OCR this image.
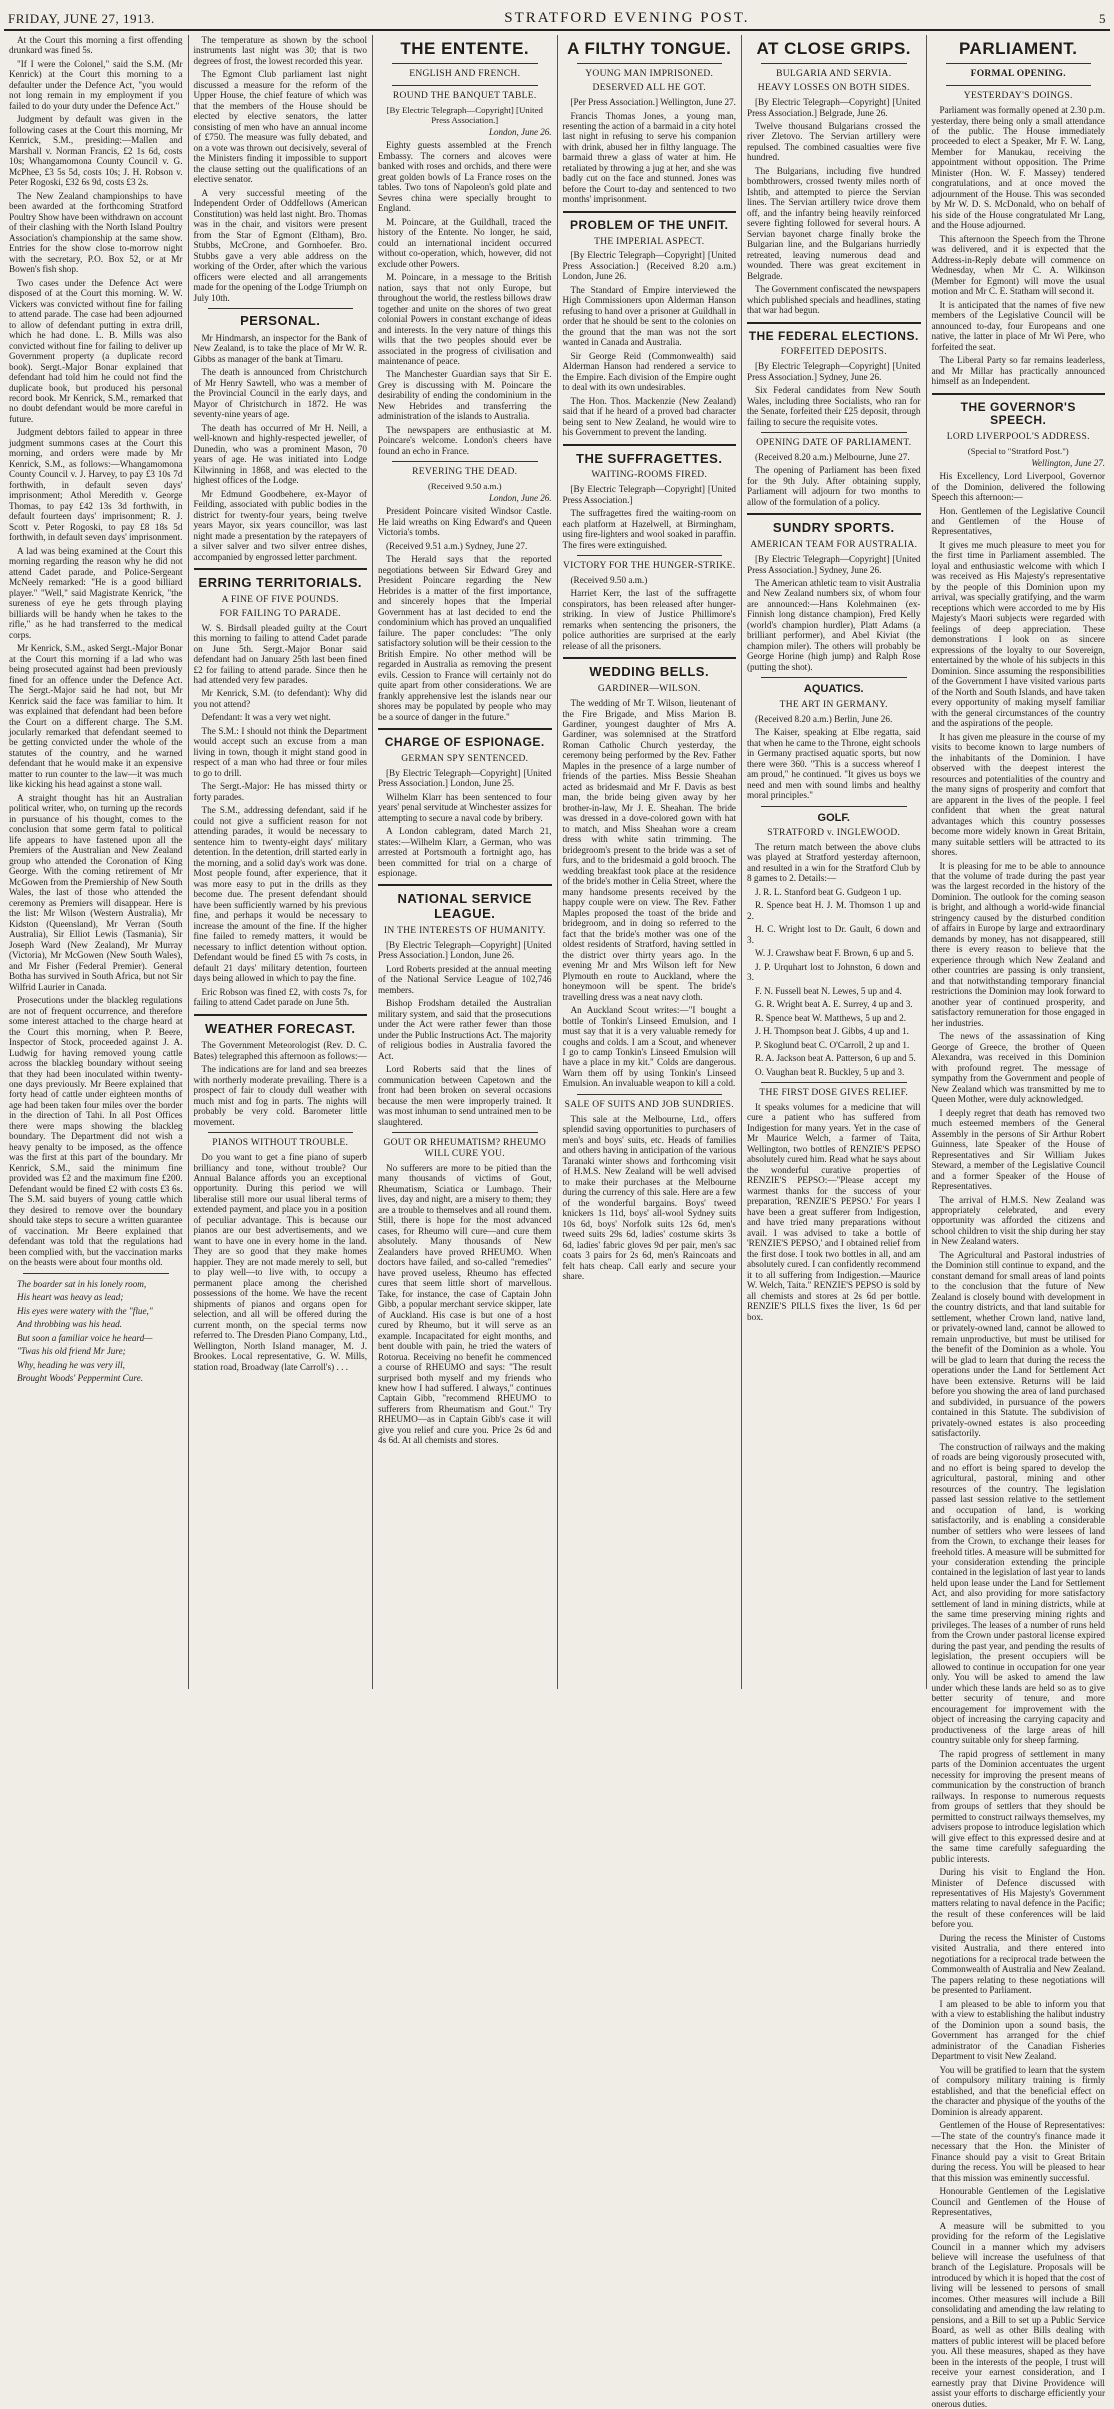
FRIDAY, JUNE 27, 1913.	STRATFORD EVENING POST.	5

At the Court this morning a first offending drunkard was fined 5s.

"If I were the Colonel," said the S.M. (Mr Kenrick) at the Court this morning to a defaulter under the Defence Act, "you would not long remain in my employment if you failed to do your duty under the Defence Act."

Judgment by default was given in the following cases at the Court this morning, Mr Kenrick, S.M., presiding:—Mallen and Marshall v. Norman Francis, £2 1s 6d, costs 10s; Whangamomona County Council v. G. McPhee, £3 5s 5d, costs 10s; J. H. Robson v. Peter Rogoski, £32 6s 9d, costs £3 2s.

The New Zealand championships to have been awarded at the forthcoming Stratford Poultry Show have been withdrawn on account of their clashing with the North Island Poultry Association's championship at the same show. Entries for the show close to-morrow night with the secretary, P.O. Box 52, or at Mr Bowen's fish shop.

Two cases under the Defence Act were disposed of at the Court this morning. W. W. Vickers was convicted without fine for failing to attend parade. The case had been adjourned to allow of defendant putting in extra drill, which he had done. L. B. Mills was also convicted without fine for failing to deliver up Government property (a duplicate record book). Sergt.-Major Bonar explained that defendant had told him he could not find the duplicate book, but produced his personal record book. Mr Kenrick, S.M., remarked that no doubt defendant would be more careful in future.

Judgment debtors failed to appear in three judgment summons cases at the Court this morning, and orders were made by Mr Kenrick, S.M., as follows:—Whangamomona County Council v. J. Harvey, to pay £3 10s 7d forthwith, in default seven days' imprisonment; Athol Meredith v. George Thomas, to pay £42 13s 3d forthwith, in default fourteen days' imprisonment; R. J. Scott v. Peter Rogoski, to pay £8 18s 5d forthwith, in default seven days' imprisonment.

A lad was being examined at the Court this morning regarding the reason why he did not attend Cadet parade, and Police-Sergeant McNeely remarked: "He is a good billiard player." "Well," said Magistrate Kenrick, "the sureness of eye he gets through playing billiards will be handy when he takes to the rifle," as he had transferred to the medical corps.

Mr Kenrick, S.M., asked Sergt.-Major Bonar at the Court this morning if a lad who was being prosecuted against had been previously fined for an offence under the Defence Act. The Sergt.-Major said he had not, but Mr Kenrick said the face was familiar to him. It was explained that defendant had been before the Court on a different charge. The S.M. jocularly remarked that defendant seemed to be getting convicted under the whole of the statutes of the country, and he warned defendant that he would make it an expensive matter to run counter to the law—it was much like kicking his head against a stone wall.

A straight thought has hit an Australian political writer, who, on turning up the records in pursuance of his thought, comes to the conclusion that some germ fatal to political life appears to have fastened upon all the Premiers of the Australian and New Zealand group who attended the Coronation of King George. With the coming retirement of Mr McGowen from the Premiership of New South Wales, the last of those who attended the ceremony as Premiers will disappear. Here is the list: Mr Wilson (Western Australia), Mr Kidston (Queensland), Mr Verran (South Australia), Sir Elliot Lewis (Tasmania), Sir Joseph Ward (New Zealand), Mr Murray (Victoria), Mr McGowen (New South Wales), and Mr Fisher (Federal Premier). General Botha has survived in South Africa, but not Sir Wilfrid Laurier in Canada.

Prosecutions under the blackleg regulations are not of frequent occurrence, and therefore some interest attached to the charge heard at the Court this morning, when P. Beere, Inspector of Stock, proceeded against J. A. Ludwig for having removed young cattle across the blackleg boundary without seeing that they had been inoculated within twenty-one days previously. Mr Beere explained that forty head of cattle under eighteen months of age had been taken four miles over the border in the direction of Tahi. In all Post Offices there were maps showing the blackleg boundary. The Department did not wish a heavy penalty to be imposed, as the offence was the first at this part of the boundary. Mr Kenrick, S.M., said the minimum fine provided was £2 and the maximum fine £200. Defendant would be fined £2 with costs £3 6s. The S.M. said buyers of young cattle which they desired to remove over the boundary should take steps to secure a written guarantee of vaccination. Mr Beere explained that defendant was told that the regulations had been complied with, but the vaccination marks on the beasts were about four months old.

The boarder sat in his lonely room,

His heart was heavy as lead;

His eyes were watery with the "flue,"

And throbbing was his head.

But soon a familiar voice he heard—

"Twas his old friend Mr Jure;

Why, heading he was very ill,

Brought Woods' Peppermint Cure.

The temperature as shown by the school instruments last night was 30; that is two degrees of frost, the lowest recorded this year.

The Egmont Club parliament last night discussed a measure for the reform of the Upper House, the chief feature of which was that the members of the House should be elected by elective senators, the latter consisting of men who have an annual income of £750. The measure was fully debated, and on a vote was thrown out decisively, several of the Ministers finding it impossible to support the clause setting out the qualifications of an elective senator.

A very successful meeting of the Independent Order of Oddfellows (American Constitution) was held last night. Bro. Thomas was in the chair, and visitors were present from the Star of Egmont (Eltham), Bro. Stubbs, McCrone, and Gornhoefer. Bro. Stubbs gave a very able address on the working of the Order, after which the various officers were elected and all arrangements made for the opening of the Lodge Triumph on July 10th.

PERSONAL.

Mr Hindmarsh, an inspector for the Bank of New Zealand, is to take the place of Mr W. R. Gibbs as manager of the bank at Timaru.

The death is announced from Christchurch of Mr Henry Sawtell, who was a member of the Provincial Council in the early days, and Mayor of Christchurch in 1872. He was seventy-nine years of age.

The death has occurred of Mr H. Neill, a well-known and highly-respected jeweller, of Dunedin, who was a prominent Mason, 70 years of age. He was initiated into Lodge Kilwinning in 1868, and was elected to the highest offices of the Lodge.

Mr Edmund Goodbehere, ex-Mayor of Feilding, associated with public bodies in the district for twenty-four years, being twelve years Mayor, six years councillor, was last night made a presentation by the ratepayers of a silver salver and two silver entree dishes, accompanied by engrossed letter parchment.

ERRING TERRITORIALS.
A FINE OF FIVE POUNDS.
FOR FAILING TO PARADE.

W. S. Birdsall pleaded guilty at the Court this morning to failing to attend Cadet parade on June 5th. Sergt.-Major Bonar said defendant had on January 25th last been fined £2 for failing to attend parade. Since then he had attended very few parades.

Mr Kenrick, S.M. (to defendant): Why did you not attend?

Defendant: It was a very wet night.

The S.M.: I should not think the Department would accept such an excuse from a man living in town, though it might stand good in respect of a man who had three or four miles to go to drill.

The Sergt.-Major: He has missed thirty or forty parades.

The S.M., addressing defendant, said if he could not give a sufficient reason for not attending parades, it would be necessary to sentence him to twenty-eight days' military detention. In the detention, drill started early in the morning, and a solid day's work was done. Most people found, after experience, that it was more easy to put in the drills as they become due. The present defendant should have been sufficiently warned by his previous fine, and perhaps it would be necessary to increase the amount of the fine. If the higher fine failed to remedy matters, it would be necessary to inflict detention without option. Defendant would be fined £5 with 7s costs, in default 21 days' military detention, fourteen days being allowed in which to pay the fine.

Eric Robson was fined £2, with costs 7s, for failing to attend Cadet parade on June 5th.

WEATHER FORECAST.

The Government Meteorologist (Rev. D. C. Bates) telegraphed this afternoon as follows:—

The indications are for land and sea breezes with northerly moderate prevailing. There is a prospect of fair to cloudy dull weather with much mist and fog in parts. The nights will probably be very cold. Barometer little movement.

PIANOS WITHOUT TROUBLE.

Do you want to get a fine piano of superb brilliancy and tone, without trouble? Our Annual Balance affords you an exceptional opportunity. During this period we will liberalise still more our usual liberal terms of extended payment, and place you in a position of peculiar advantage. This is because our pianos are our best advertisements, and we want to have one in every home in the land. They are so good that they make homes happier. They are not made merely to sell, but to play well—to live with, to occupy a permanent place among the cherished possessions of the home. We have the recent shipments of pianos and organs open for selection, and all will be offered during the current month, on the special terms now referred to. The Dresden Piano Company, Ltd., Wellington, North Island manager, M. J. Brookes. Local representative, G. W. Mills, station road, Broadway (late Carroll's) . . .

THE ENTENTE.
ENGLISH AND FRENCH.
ROUND THE BANQUET TABLE.
[By Electric Telegraph—Copyright] [United Press Association.]
London, June 26.

Eighty guests assembled at the French Embassy. The corners and alcoves were banked with roses and orchids, and there were great golden bowls of La France roses on the tables. Two tons of Napoleon's gold plate and Sevres china were specially brought to England.

M. Poincare, at the Guildhall, traced the history of the Entente. No longer, he said, could an international incident occurred without co-operation, which, however, did not exclude other Powers.

M. Poincare, in a message to the British nation, says that not only Europe, but throughout the world, the restless billows draw together and unite on the shores of two great colonial Powers in constant exchange of ideas and interests. In the very nature of things this wills that the two peoples should ever be associated in the progress of civilisation and maintenance of peace.

The Manchester Guardian says that Sir E. Grey is discussing with M. Poincare the desirability of ending the condominium in the New Hebrides and transferring the administration of the islands to Australia.

The newspapers are enthusiastic at M. Poincare's welcome. London's cheers have found an echo in France.

REVERING THE DEAD.
(Received 9.50 a.m.)
London, June 26.

President Poincare visited Windsor Castle. He laid wreaths on King Edward's and Queen Victoria's tombs.

(Received 9.51 a.m.) Sydney, June 27.

The Herald says that the reported negotiations between Sir Edward Grey and President Poincare regarding the New Hebrides is a matter of the first importance, and sincerely hopes that the Imperial Government has at last decided to end the condominium which has proved an unqualified failure. The paper concludes: "The only satisfactory solution will be their cession to the British Empire. No other method will be regarded in Australia as removing the present evils. Cession to France will certainly not do quite apart from other considerations. We are frankly apprehensive lest the islands near our shores may be populated by people who may be a source of danger in the future."

CHARGE OF ESPIONAGE.
GERMAN SPY SENTENCED.

[By Electric Telegraph—Copyright] [United Press Association.] London, June 25.

Wilhelm Klarr has been sentenced to four years' penal servitude at Winchester assizes for attempting to secure a naval code by bribery.

A London cablegram, dated March 21, states:—Wilhelm Klarr, a German, who was arrested at Portsmouth a fortnight ago, has been committed for trial on a charge of espionage.

NATIONAL SERVICE LEAGUE.
IN THE INTERESTS OF HUMANITY.

[By Electric Telegraph—Copyright] [United Press Association.] London, June 26.

Lord Roberts presided at the annual meeting of the National Service League of 102,746 members.

Bishop Frodsham detailed the Australian military system, and said that the prosecutions under the Act were rather fewer than those under the Public Instructions Act. The majority of religious bodies in Australia favored the Act.

Lord Roberts said that the lines of communication between Capetown and the front had been broken on several occasions because the men were improperly trained. It was most inhuman to send untrained men to be slaughtered.

GOUT OR RHEUMATISM? RHEUMO WILL CURE YOU.

No sufferers are more to be pitied than the many thousands of victims of Gout, Rheumatism, Sciatica or Lumbago. Their lives, day and night, are a misery to them; they are a trouble to themselves and all round them. Still, there is hope for the most advanced cases, for Rheumo will cure—and cure them absolutely. Many thousands of New Zealanders have proved RHEUMO. When doctors have failed, and so-called "remedies" have proved useless, Rheumo has effected cures that seem little short of marvellous. Take, for instance, the case of Captain John Gibb, a popular merchant service skipper, late of Auckland. His case is but one of a host cured by Rheumo, but it will serve as an example. Incapacitated for eight months, and bent double with pain, he tried the waters of Rotorua. Receiving no benefit he commenced a course of RHEUMO and says: "The result surprised both myself and my friends who knew how I had suffered. I always," continues Captain Gibb, "recommend RHEUMO to sufferers from Rheumatism and Gout." Try RHEUMO—as in Captain Gibb's case it will give you relief and cure you. Price 2s 6d and 4s 6d. At all chemists and stores.

A FILTHY TONGUE.
YOUNG MAN IMPRISONED.
DESERVED ALL HE GOT.

[Per Press Association.] Wellington, June 27.

Francis Thomas Jones, a young man, resenting the action of a barmaid in a city hotel last night in refusing to serve his companion with drink, abused her in filthy language. The barmaid threw a glass of water at him. He retaliated by throwing a jug at her, and she was badly cut on the face and stunned. Jones was before the Court to-day and sentenced to two months' imprisonment.

PROBLEM OF THE UNFIT.
THE IMPERIAL ASPECT.

[By Electric Telegraph—Copyright] [United Press Association.] (Received 8.20 a.m.) London, June 26.

The Standard of Empire interviewed the High Commissioners upon Alderman Hanson refusing to hand over a prisoner at Guildhall in order that he should be sent to the colonies on the ground that the man was not the sort wanted in Canada and Australia.

Sir George Reid (Commonwealth) said Alderman Hanson had rendered a service to the Empire. Each division of the Empire ought to deal with its own undesirables.

The Hon. Thos. Mackenzie (New Zealand) said that if he heard of a proved bad character being sent to New Zealand, he would wire to his Government to prevent the landing.

THE SUFFRAGETTES.
WAITING-ROOMS FIRED.

[By Electric Telegraph—Copyright] [United Press Association.]

The suffragettes fired the waiting-room on each platform at Hazelwell, at Birmingham, using fire-lighters and wool soaked in paraffin. The fires were extinguished.

VICTORY FOR THE HUNGER-STRIKE.

(Received 9.50 a.m.)

Harriet Kerr, the last of the suffragette conspirators, has been released after hunger-striking. In view of Justice Phillimore's remarks when sentencing the prisoners, the police authorities are surprised at the early release of all the prisoners.

WEDDING BELLS.
GARDINER—WILSON.

The wedding of Mr T. Wilson, lieutenant of the Fire Brigade, and Miss Marion B. Gardiner, youngest daughter of Mrs A. Gardiner, was solemnised at the Stratford Roman Catholic Church yesterday, the ceremony being performed by the Rev. Father Maples in the presence of a large number of friends of the parties. Miss Bessie Sheahan acted as bridesmaid and Mr F. Davis as best man, the bride being given away by her brother-in-law, Mr J. E. Sheahan. The bride was dressed in a dove-colored gown with hat to match, and Miss Sheahan wore a cream dress with white satin trimming. The bridegroom's present to the bride was a set of furs, and to the bridesmaid a gold brooch. The wedding breakfast took place at the residence of the bride's mother in Celia Street, where the many handsome presents received by the happy couple were on view. The Rev. Father Maples proposed the toast of the bride and bridegroom, and in doing so referred to the fact that the bride's mother was one of the oldest residents of Stratford, having settled in the district over thirty years ago. In the evening Mr and Mrs Wilson left for New Plymouth en route to Auckland, where the honeymoon will be spent. The bride's travelling dress was a neat navy cloth.

An Auckland Scout writes:—"I bought a bottle of Tonkin's Linseed Emulsion, and I must say that it is a very valuable remedy for coughs and colds. I am a Scout, and whenever I go to camp Tonkin's Linseed Emulsion will have a place in my kit." Colds are dangerous. Warn them off by using Tonkin's Linseed Emulsion. An invaluable weapon to kill a cold.

SALE OF SUITS AND JOB SUNDRIES.

This sale at the Melbourne, Ltd., offers splendid saving opportunities to purchasers of men's and boys' suits, etc. Heads of families and others having in anticipation of the various Taranaki winter shows and forthcoming visit of H.M.S. New Zealand will be well advised to make their purchases at the Melbourne during the currency of this sale. Here are a few of the wonderful bargains. Boys' tweed knickers 1s 11d, boys' all-wool Sydney suits 10s 6d, boys' Norfolk suits 12s 6d, men's tweed suits 29s 6d, ladies' costume skirts 3s 6d, ladies' fabric gloves 9d per pair, men's sac coats 3 pairs for 2s 6d, men's Raincoats and felt hats cheap. Call early and secure your share.

AT CLOSE GRIPS.
BULGARIA AND SERVIA.
HEAVY LOSSES ON BOTH SIDES.

[By Electric Telegraph—Copyright] [United Press Association.] Belgrade, June 26.

Twelve thousand Bulgarians crossed the river Zletovo. The Servian artillery were repulsed. The combined casualties were five hundred.

The Bulgarians, including five hundred bombthrowers, crossed twenty miles north of Ishtib, and attempted to pierce the Servian lines. The Servian artillery twice drove them off, and the infantry being heavily reinforced severe fighting followed for several hours. A Servian bayonet charge finally broke the Bulgarian line, and the Bulgarians hurriedly retreated, leaving numerous dead and wounded. There was great excitement in Belgrade.

The Government confiscated the newspapers which published specials and headlines, stating that war had begun.

THE FEDERAL ELECTIONS.
FORFEITED DEPOSITS.

[By Electric Telegraph—Copyright] [United Press Association.] Sydney, June 26.

Six Federal candidates from New South Wales, including three Socialists, who ran for the Senate, forfeited their £25 deposit, through failing to secure the requisite votes.

OPENING DATE OF PARLIAMENT.

(Received 8.20 a.m.) Melbourne, June 27.

The opening of Parliament has been fixed for the 9th July. After obtaining supply, Parliament will adjourn for two months to allow of the formulation of a policy.

SUNDRY SPORTS.
AMERICAN TEAM FOR AUSTRALIA.

[By Electric Telegraph—Copyright] [United Press Association.] Sydney, June 26.

The American athletic team to visit Australia and New Zealand numbers six, of whom four are announced:—Hans Kolehmainen (ex-Finnish long distance champion), Fred Kelly (world's champion hurdler), Platt Adams (a brilliant performer), and Abel Kiviat (the champion miler). The others will probably be George Horine (high jump) and Ralph Rose (putting the shot).

AQUATICS.
THE ART IN GERMANY.

(Received 8.20 a.m.) Berlin, June 26.

The Kaiser, speaking at Elbe regatta, said that when he came to the Throne, eight schools in Germany practised aquatic sports, but now there were 360. "This is a success whereof I am proud," he continued. "It gives us boys we need and men with sound limbs and healthy moral principles."

GOLF.
STRATFORD v. INGLEWOOD.

The return match between the above clubs was played at Stratford yesterday afternoon, and resulted in a win for the Stratford Club by 8 games to 2. Details:—

J. R. L. Stanford beat G. Gudgeon 1 up.

R. Spence beat H. J. M. Thomson 1 up and 2.

H. C. Wright lost to Dr. Gault, 6 down and 3.

W. J. Crawshaw beat F. Brown, 6 up and 5.

J. P. Urquhart lost to Johnston, 6 down and 3.

F. N. Fussell beat N. Lewes, 5 up and 4.

G. R. Wright beat A. E. Surrey, 4 up and 3.

R. Spence beat W. Matthews, 5 up and 2.

J. H. Thompson beat J. Gibbs, 4 up and 1.

P. Skoglund beat C. O'Carroll, 2 up and 1.

R. A. Jackson beat A. Patterson, 6 up and 5.

O. Vaughan beat R. Buckley, 5 up and 3.

THE FIRST DOSE GIVES RELIEF.

It speaks volumes for a medicine that will cure a patient who has suffered from Indigestion for many years. Yet in the case of Mr Maurice Welch, a farmer of Taita, Wellington, two bottles of RENZIE'S PEPSO absolutely cured him. Read what he says about the wonderful curative properties of RENZIE'S PEPSO:—"Please accept my warmest thanks for the success of your preparation, 'RENZIE'S PEPSO.' For years I have been a great sufferer from Indigestion, and have tried many preparations without avail. I was advised to take a bottle of 'RENZIE'S PEPSO,' and I obtained relief from the first dose. I took two bottles in all, and am absolutely cured. I can confidently recommend it to all suffering from Indigestion.—Maurice W. Welch, Taita." RENZIE'S PEPSO is sold by all chemists and stores at 2s 6d per bottle. RENZIE'S PILLS fixes the liver, 1s 6d per box.

PARLIAMENT.
FORMAL OPENING.
YESTERDAY'S DOINGS.

Parliament was formally opened at 2.30 p.m. yesterday, there being only a small attendance of the public. The House immediately proceeded to elect a Speaker, Mr F. W. Lang, Member for Manukau, receiving the appointment without opposition. The Prime Minister (Hon. W. F. Massey) tendered congratulations, and at once moved the adjournment of the House. This was seconded by Mr W. D. S. McDonald, who on behalf of his side of the House congratulated Mr Lang, and the House adjourned.

This afternoon the Speech from the Throne was delivered, and it is expected that the Address-in-Reply debate will commence on Wednesday, when Mr C. A. Wilkinson (Member for Egmont) will move the usual motion and Mr C. E. Statham will second it.

It is anticipated that the names of five new members of the Legislative Council will be announced to-day, four Europeans and one native, the latter in place of Mr Wi Pere, who forfeited the seat.

The Liberal Party so far remains leaderless, and Mr Millar has practically announced himself as an Independent.

THE GOVERNOR'S SPEECH.
LORD LIVERPOOL'S ADDRESS.
(Special to "Stratford Post.")
Wellington, June 27.

His Excellency, Lord Liverpool, Governor of the Dominion, delivered the following Speech this afternoon:—

Hon. Gentlemen of the Legislative Council and Gentlemen of the House of Representatives,

It gives me much pleasure to meet you for the first time in Parliament assembled. The loyal and enthusiastic welcome with which I was received as His Majesty's representative by the people of this Dominion upon my arrival, was specially gratifying, and the warm receptions which were accorded to me by His Majesty's Maori subjects were regarded with feelings of deep appreciation. These demonstrations I look on as sincere expressions of the loyalty to our Sovereign, entertained by the whole of his subjects in this Dominion. Since assuming the responsibilities of the Government I have visited various parts of the North and South Islands, and have taken every opportunity of making myself familiar with the general circumstances of the country and the aspirations of the people.

It has given me pleasure in the course of my visits to become known to large numbers of the inhabitants of the Dominion. I have observed with the deepest interest the resources and potentialities of the country and the many signs of prosperity and comfort that are apparent in the lives of the people. I feel confident that when the great natural advantages which this country possesses become more widely known in Great Britain, many suitable settlers will be attracted to its shores.

It is pleasing for me to be able to announce that the volume of trade during the past year was the largest recorded in the history of the Dominion. The outlook for the coming season is bright, and although a world-wide financial stringency caused by the disturbed condition of affairs in Europe by large and extraordinary demands by money, has not disappeared, still there is every reason to believe that the experience through which New Zealand and other countries are passing is only transient, and that notwithstanding temporary financial restrictions the Dominion may look forward to another year of continued prosperity, and satisfactory remuneration for those engaged in her industries.

The news of the assassination of King George of Greece, the brother of Queen Alexandra, was received in this Dominion with profound regret. The message of sympathy from the Government and people of New Zealand which was transmitted by me to Queen Mother, were duly acknowledged.

I deeply regret that death has removed two much esteemed members of the General Assembly in the persons of Sir Arthur Robert Guinness, late Speaker of the House of Representatives and Sir William Jukes Steward, a member of the Legislative Council and a former Speaker of the House of Representatives.

The arrival of H.M.S. New Zealand was appropriately celebrated, and every opportunity was afforded the citizens and school children to visit the ship during her stay in New Zealand waters.

The Agricultural and Pastoral industries of the Dominion still continue to expand, and the constant demand for small areas of land points to the conclusion that the future of New Zealand is closely bound with development in the country districts, and that land suitable for settlement, whether Crown land, native land, or privately-owned land, cannot be allowed to remain unproductive, but must be utilised for the benefit of the Dominion as a whole. You will be glad to learn that during the recess the operations under the Land for Settlement Act have been extensive. Returns will be laid before you showing the area of land purchased and subdivided, in pursuance of the powers contained in this Statute. The subdivision of privately-owned estates is also proceeding satisfactorily.

The construction of railways and the making of roads are being vigorously prosecuted with, and no effort is being spared to develop the agricultural, pastoral, mining and other resources of the country. The legislation passed last session relative to the settlement and occupation of land, is working satisfactorily, and is enabling a considerable number of settlers who were lessees of land from the Crown, to exchange their leases for freehold titles. A measure will be submitted for your consideration extending the principle contained in the legislation of last year to lands held upon lease under the Land for Settlement Act, and also providing for more satisfactory settlement of land in mining districts, while at the same time preserving mining rights and privileges. The leases of a number of runs held from the Crown under pastoral license expired during the past year, and pending the results of legislation, the present occupiers will be allowed to continue in occupation for one year only. You will be asked to amend the law under which these lands are held so as to give better security of tenure, and more encouragement for improvement with the object of increasing the carrying capacity and productiveness of the large areas of hill country suitable only for sheep farming.

The rapid progress of settlement in many parts of the Dominion accentuates the urgent necessity for improving the present means of communication by the construction of branch railways. In response to numerous requests from groups of settlers that they should be permitted to construct railways themselves, my advisers propose to introduce legislation which will give effect to this expressed desire and at the same time carefully safeguarding the public interests.

During his visit to England the Hon. Minister of Defence discussed with representatives of His Majesty's Government matters relating to naval defence in the Pacific; the result of these conferences will be laid before you.

During the recess the Minister of Customs visited Australia, and there entered into negotiations for a reciprocal trade between the Commonwealth of Australia and New Zealand. The papers relating to these negotiations will be presented to Parliament.

I am pleased to be able to inform you that with a view to establishing the halibut industry of the Dominion upon a sound basis, the Government has arranged for the chief administrator of the Canadian Fisheries Department to visit New Zealand.

You will be gratified to learn that the system of compulsory military training is firmly established, and that the beneficial effect on the character and physique of the youths of the Dominion is already apparent.

Gentlemen of the House of Representatives:—The state of the country's finance made it necessary that the Hon. the Minister of Finance should pay a visit to Great Britain during the recess. You will be pleased to hear that this mission was eminently successful.

Honourable Gentlemen of the Legislative Council and Gentlemen of the House of Representatives,

A measure will be submitted to you providing for the reform of the Legislative Council in a manner which my advisers believe will increase the usefulness of that branch of the Legislature. Proposals will be introduced by which it is hoped that the cost of living will be lessened to persons of small incomes. Other measures will include a Bill consolidating and amending the law relating to pensions, and a Bill to set up a Public Service Board, as well as other Bills dealing with matters of public interest will be placed before you. All these measures, shaped as they have been in the interests of the people, I trust will receive your earnest consideration, and I earnestly pray that Divine Providence will assist your efforts to discharge efficiently your onerous duties.
